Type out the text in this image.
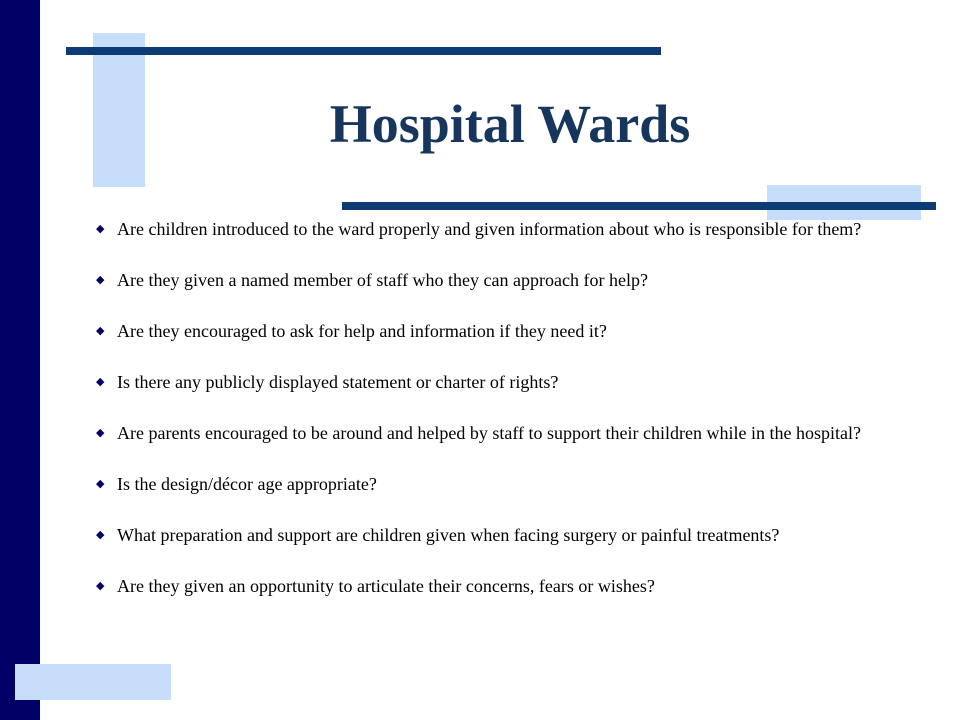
Hospital Wards
◆ Are children introduced to the ward properly and given information about who is responsible for them?
◆ Are they given a named member of staff who they can approach for help?
◆ Are they encouraged to ask for help and information if they need it?
◆ Is there any publicly displayed statement or charter of rights?
◆ Are parents encouraged to be around and helped by staff to support their children while in the hospital?
◆ Is the design/décor age appropriate?
◆ What preparation and support are children given when facing surgery or painful treatments?
◆ Are they given an opportunity to articulate their concerns, fears or wishes?
